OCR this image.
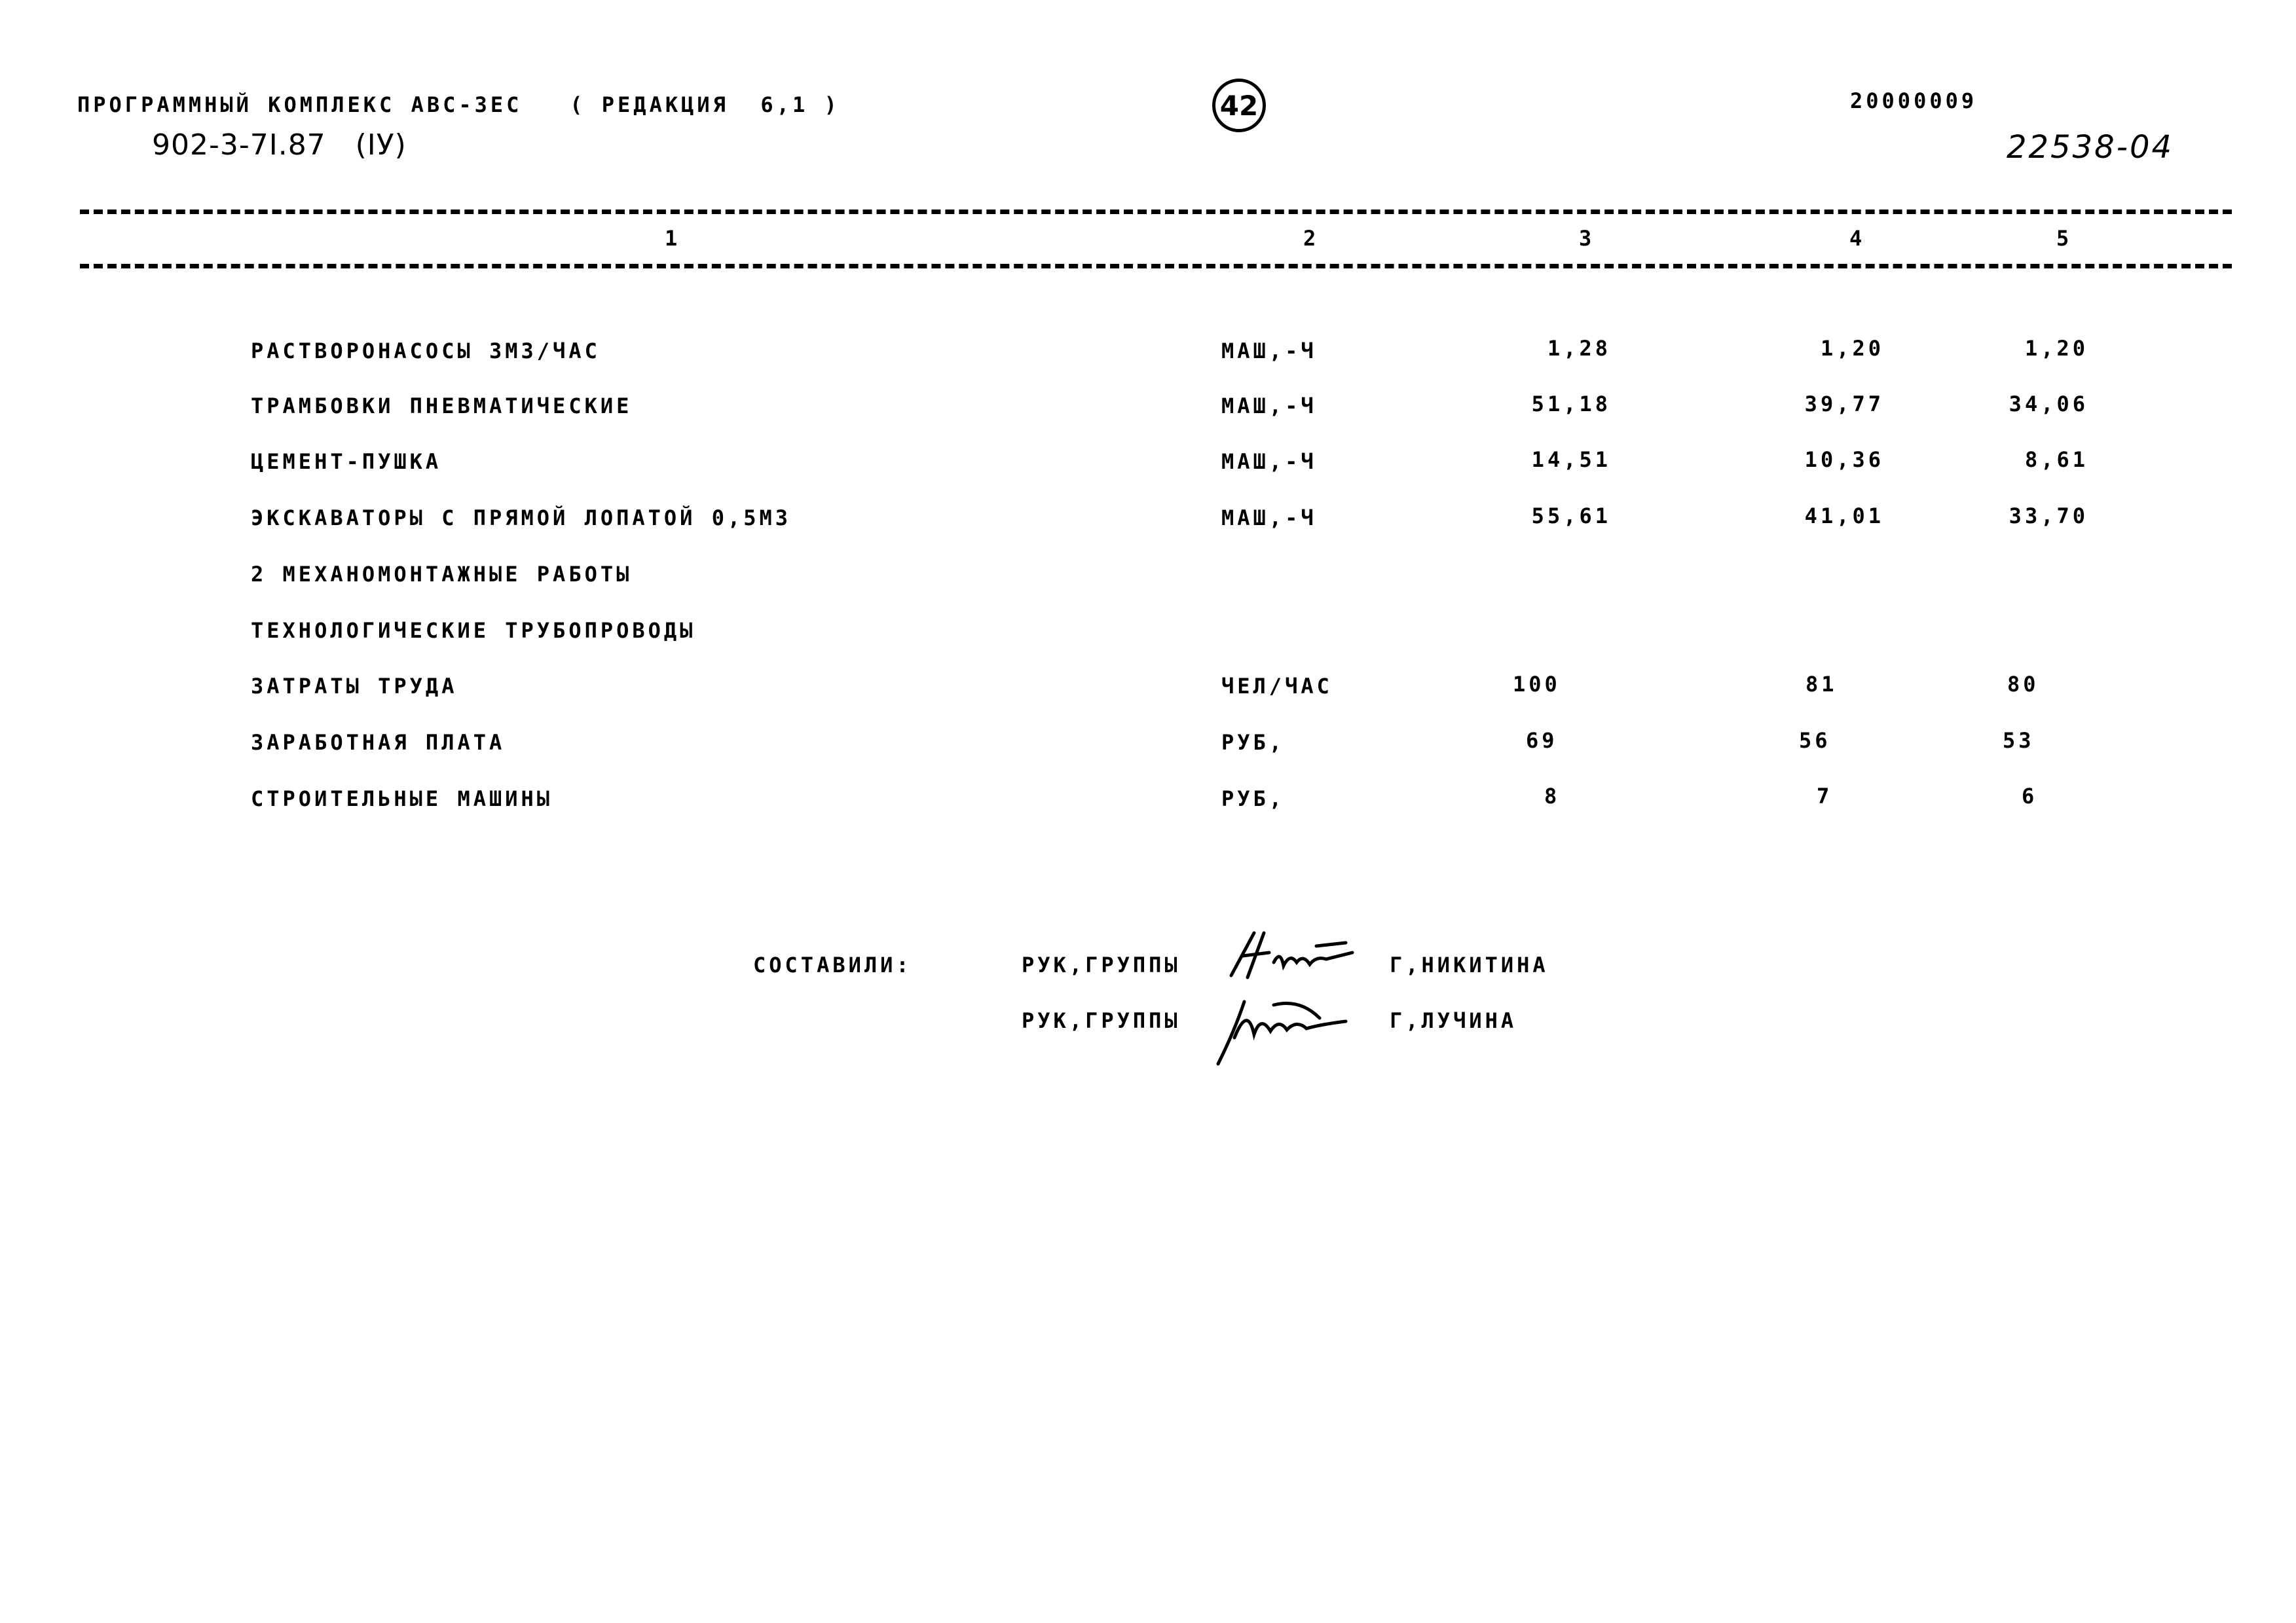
ПРОГРАММНЫЙ КОМПЛЕКС АВС-ЗЕС   ( РЕДАКЦИЯ  6,1 )
902-3-7I.87   (IУ)
42	20000009
22538-04
1	2	3	4	5
РАСТВОРОНАСОСЫ 3М3/ЧАС	МАШ,-Ч	1,28	1,20	1,20
ТРАМБОВКИ ПНЕВМАТИЧЕСКИЕ	МАШ,-Ч	51,18	39,77	34,06
ЦЕМЕНТ-ПУШКА	МАШ,-Ч	14,51	10,36	8,61
ЭКСКАВАТОРЫ С ПРЯМОЙ ЛОПАТОЙ 0,5М3	МАШ,-Ч	55,61	41,01	33,70
2 МЕХАНОМОНТАЖНЫЕ РАБОТЫ
ТЕХНОЛОГИЧЕСКИЕ ТРУБОПРОВОДЫ
ЗАТРАТЫ ТРУДА	ЧЕЛ/ЧАС	100	81	80
ЗАРАБОТНАЯ ПЛАТА	РУБ,	69	56	53
СТРОИТЕЛЬНЫЕ МАШИНЫ	РУБ,	8	7	6
СОСТАВИЛИ:	РУК,ГРУППЫ	Г,НИКИТИНА
РУК,ГРУППЫ	Г,ЛУЧИНА
